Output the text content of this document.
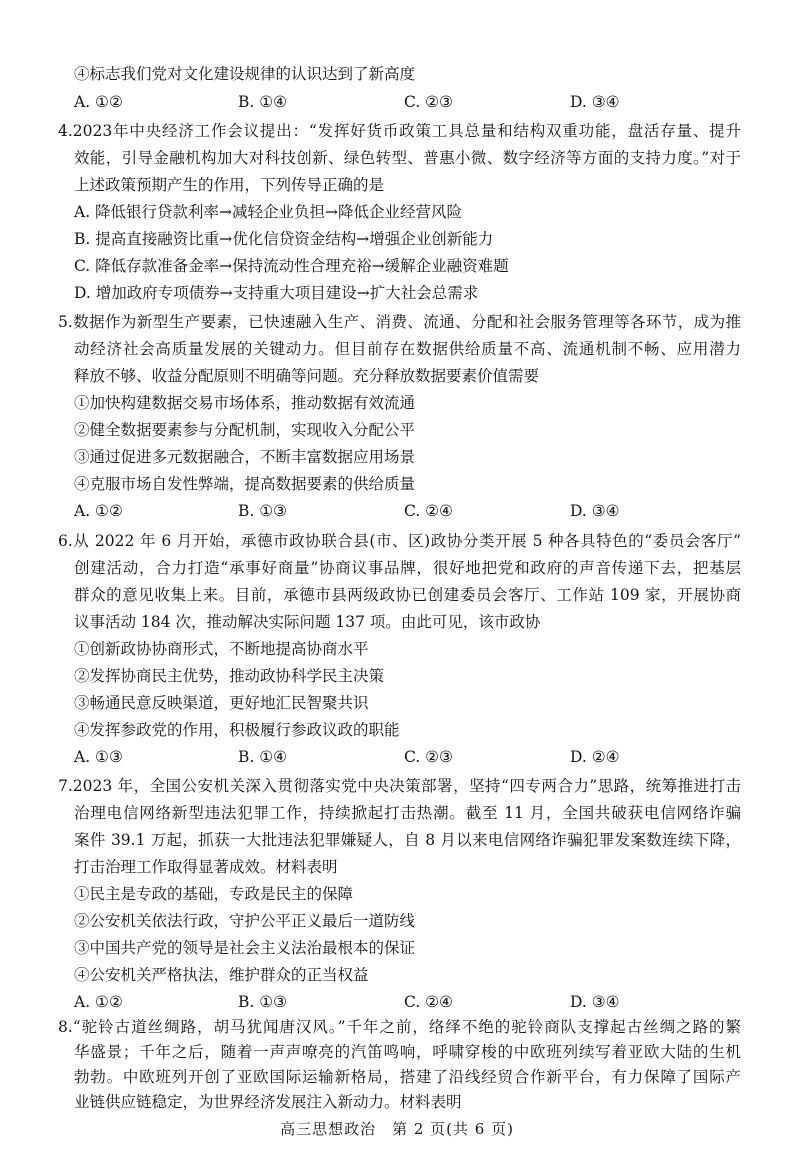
④标志我们党对文化建设规律的认识达到了新高度
A. ①②	B. ①④	C. ②③	D. ③④
4.2023年中央经济工作会议提出：“发挥好货币政策工具总量和结构双重功能，盘活存量、提升
效能，引导金融机构加大对科技创新、绿色转型、普惠小微、数字经济等方面的支持力度。”对于
上述政策预期产生的作用，下列传导正确的是
A. 降低银行贷款利率→减轻企业负担→降低企业经营风险
B. 提高直接融资比重→优化信贷资金结构→增强企业创新能力
C. 降低存款准备金率→保持流动性合理充裕→缓解企业融资难题
D. 增加政府专项债券→支持重大项目建设→扩大社会总需求
5.数据作为新型生产要素，已快速融入生产、消费、流通、分配和社会服务管理等各环节，成为推
动经济社会高质量发展的关键动力。但目前存在数据供给质量不高、流通机制不畅、应用潜力
释放不够、收益分配原则不明确等问题。充分释放数据要素价值需要
①加快构建数据交易市场体系，推动数据有效流通
②健全数据要素参与分配机制，实现收入分配公平
③通过促进多元数据融合，不断丰富数据应用场景
④克服市场自发性弊端，提高数据要素的供给质量
A. ①②	B. ①③	C. ②④	D. ③④
6.从 2022 年 6 月开始，承德市政协联合县(市、区)政协分类开展 5 种各具特色的“委员会客厅”
创建活动，合力打造“承事好商量”协商议事品牌，很好地把党和政府的声音传递下去，把基层
群众的意见收集上来。目前，承德市县两级政协已创建委员会客厅、工作站 109 家，开展协商
议事活动 184 次，推动解决实际问题 137 项。由此可见，该市政协
①创新政协协商形式，不断地提高协商水平
②发挥协商民主优势，推动政协科学民主决策
③畅通民意反映渠道，更好地汇民智聚共识
④发挥参政党的作用，积极履行参政议政的职能
A. ①③	B. ①④	C. ②③	D. ②④
7.2023 年，全国公安机关深入贯彻落实党中央决策部署，坚持“四专两合力”思路，统筹推进打击
治理电信网络新型违法犯罪工作，持续掀起打击热潮。截至 11 月，全国共破获电信网络诈骗
案件 39.1 万起，抓获一大批违法犯罪嫌疑人，自 8 月以来电信网络诈骗犯罪发案数连续下降，
打击治理工作取得显著成效。材料表明
①民主是专政的基础，专政是民主的保障
②公安机关依法行政，守护公平正义最后一道防线
③中国共产党的领导是社会主义法治最根本的保证
④公安机关严格执法，维护群众的正当权益
A. ①②	B. ①③	C. ②④	D. ③④
8.“驼铃古道丝绸路，胡马犹闻唐汉风。”千年之前，络绎不绝的驼铃商队支撑起古丝绸之路的繁
华盛景；千年之后，随着一声声嘹亮的汽笛鸣响，呼啸穿梭的中欧班列续写着亚欧大陆的生机
勃勃。中欧班列开创了亚欧国际运输新格局，搭建了沿线经贸合作新平台，有力保障了国际产
高三思想政治　第 2 页(共 6 页)
业链供应链稳定，为世界经济发展注入新动力。材料表明
